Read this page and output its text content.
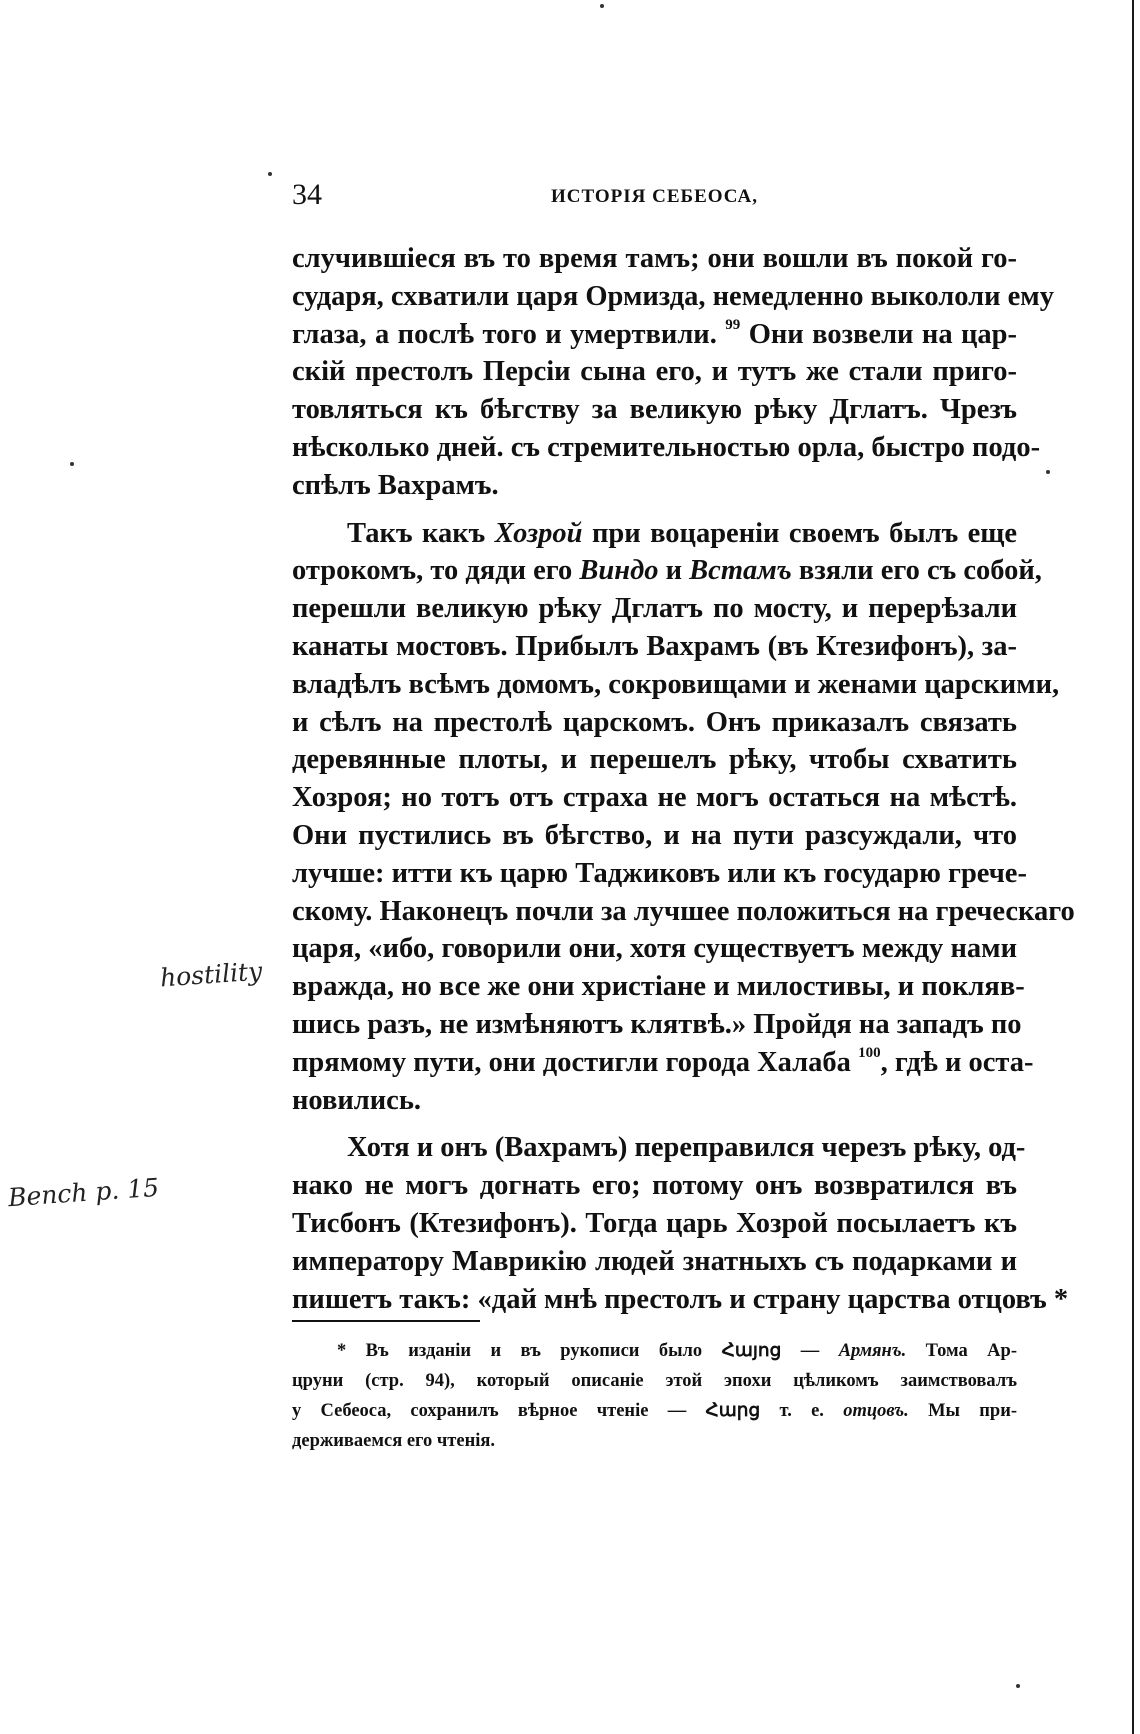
34	ИСТОРІЯ СЕБЕОСА,

случившіеся въ то время тамъ; они вошли въ покой го-
сударя, схватили царя Ормизда, немедленно выкололи ему
глаза, а послѣ того и умертвили. $^{99}$ Они возвели на цар-
скій престолъ Персіи сына его, и тутъ же стали приго-
товляться къ бѣгству за великую рѣку Дглатъ. Чрезъ
нѣсколько дней. съ стремительностью орла, быстро подо-
спѣлъ Вахрамъ.

Такъ какъ Хозрой при воцареніи своемъ былъ еще
отрокомъ, то дяди его Виндо и Встамъ взяли его съ собой,
перешли великую рѣку Дглатъ по мосту, и перерѣзали
канаты мостовъ. Прибылъ Вахрамъ (въ Ктезифонъ), за-
владѣлъ всѣмъ домомъ, сокровищами и женами царскими,
и сѣлъ на престолѣ царскомъ. Онъ приказалъ связать
деревянные плоты, и перешелъ рѣку, чтобы схватить
Хозроя; но тотъ отъ страха не могъ остаться на мѣстѣ.
Они пустились въ бѣгство, и на пути разсуждали, что
лучше: итти къ царю Таджиковъ или къ государю грече-
скому. Наконецъ почли за лучшее положиться на греческаго
царя, «ибо, говорили они, хотя существуетъ между нами
вражда, но все же они христіане и милостивы, и покляв-
шись разъ, не измѣняютъ клятвѣ.» Пройдя на западъ по
прямому пути, они достигли города Халаба $^{100}$, гдѣ и оста-
новились.

Хотя и онъ (Вахрамъ) переправился черезъ рѣку, од-
нако не могъ догнать его; потому онъ возвратился въ
Тисбонъ (Ктезифонъ). Тогда царь Хозрой посылаетъ къ
императору Маврикію людей знатныхъ съ подарками и
пишетъ такъ: «дай мнѣ престолъ и страну царства отцовъ *

* Въ изданіи и въ рукописи было Հայոց — Армянъ. Тома Ар-
цруни (стр. 94), который описаніе этой эпохи цѣликомъ заимствовалъ
у Себеоса, сохранилъ вѣрное чтеніе — Հարց т. е. отцовъ. Мы при-
держиваемся его чтенія.
hostility
Bench p. 15
